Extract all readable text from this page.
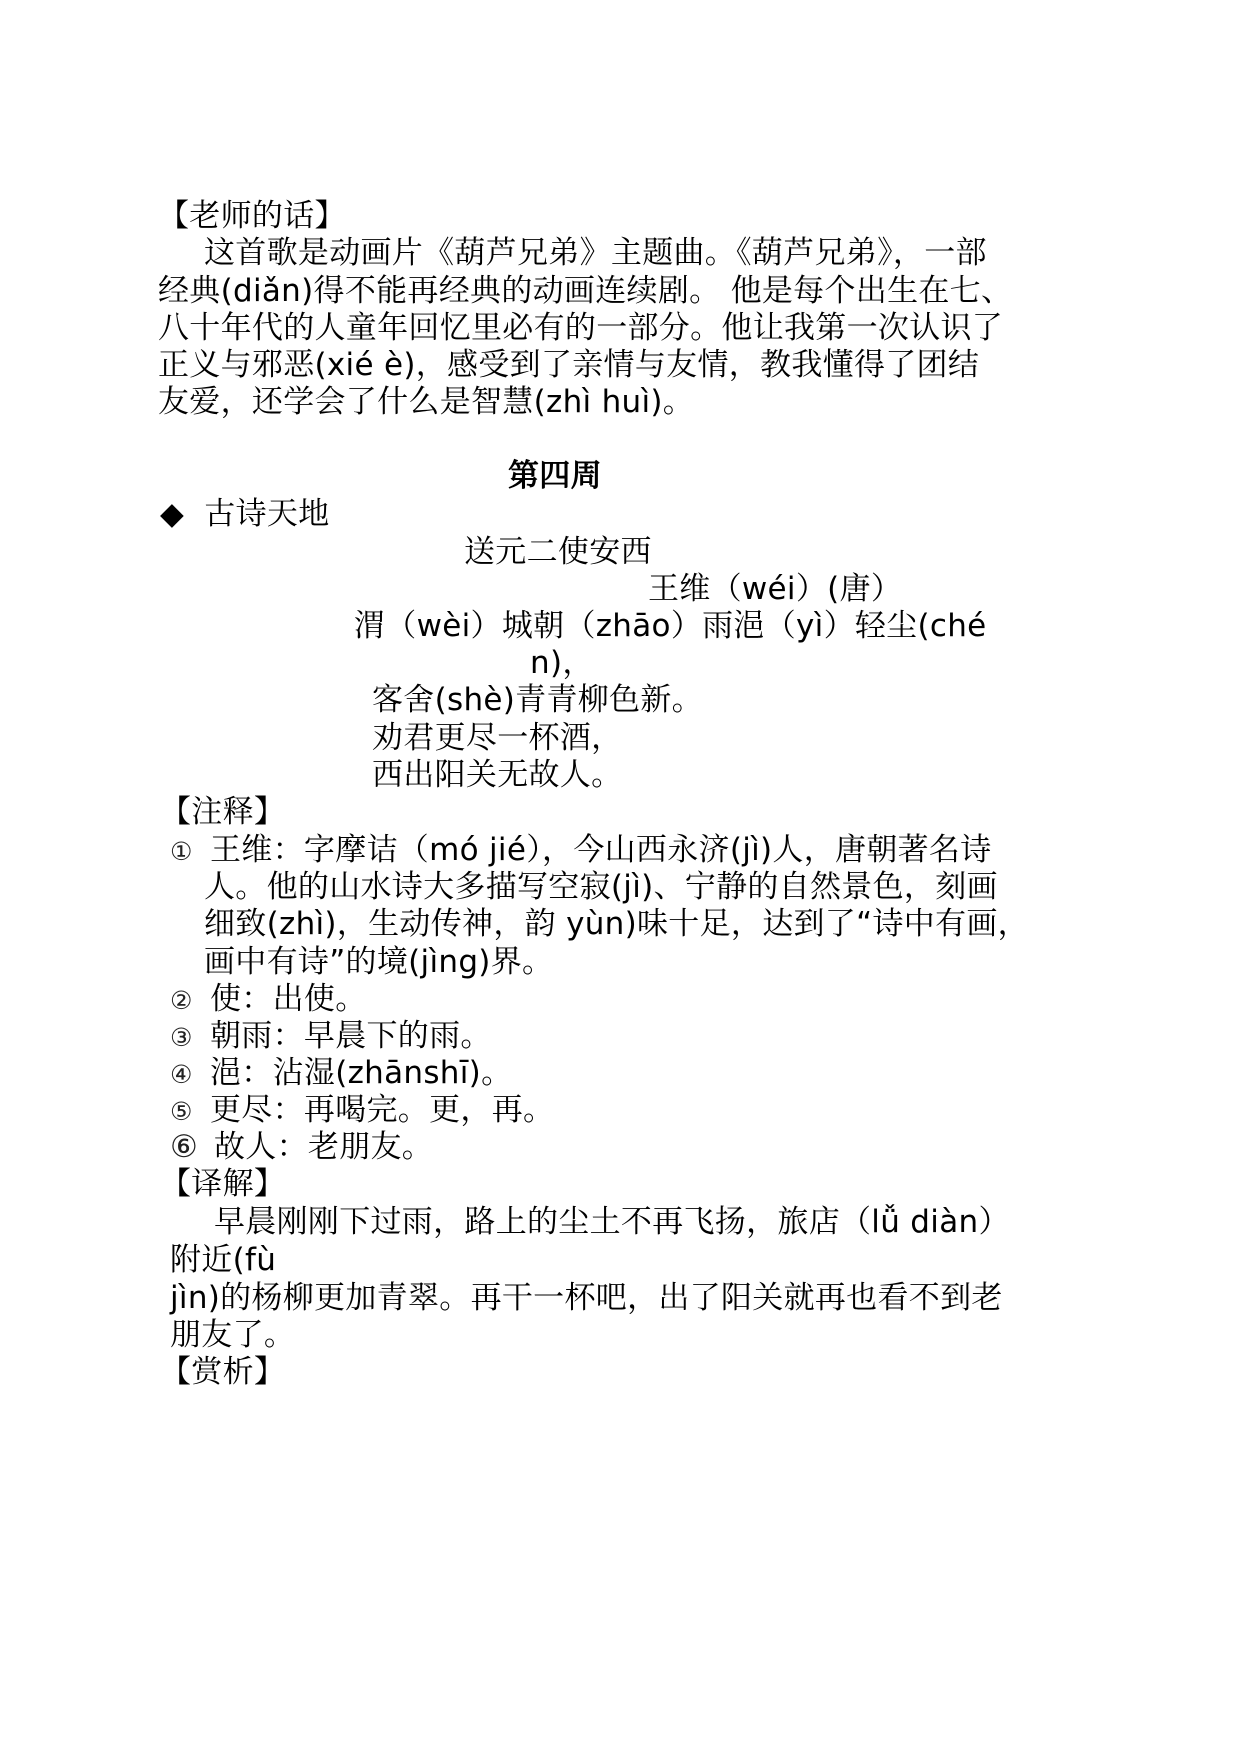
【老师的话】
这首歌是动画片《葫芦兄弟》主题曲。《葫芦兄弟》，一部
经典(diǎn)得不能再经典的动画连续剧。 他是每个出生在七、
八十年代的人童年回忆里必有的一部分。他让我第一次认识了
正义与邪恶(xié è)，感受到了亲情与友情，教我懂得了团结
友爱，还学会了什么是智慧(zhì huì)。
第四周
◆ 古诗天地
送元二使安西
王维（wéi）(唐）
渭（wèi）城朝（zhāo）雨浥（yì）轻尘(ché
n)，
客舍(shè)青青柳色新。
劝君更尽一杯酒，
西出阳关无故人。
【注释】
① 王维：字摩诘（mó jié），今山西永济(jì)人，唐朝著名诗
人。他的山水诗大多描写空寂(jì)、宁静的自然景色，刻画
细致(zhì)，生动传神，韵 yùn)味十足，达到了“诗中有画，
画中有诗”的境(jìng)界。
② 使：出使。
③ 朝雨：早晨下的雨。
④ 浥：沾湿(zhānshī)。
⑤ 更尽：再喝完。更，再。
⑥ 故人：老朋友。
【译解】
早晨刚刚下过雨，路上的尘土不再飞扬，旅店（lǚ diàn）
附近(fù
jìn)的杨柳更加青翠。再干一杯吧，出了阳关就再也看不到老
朋友了。
【赏析】
